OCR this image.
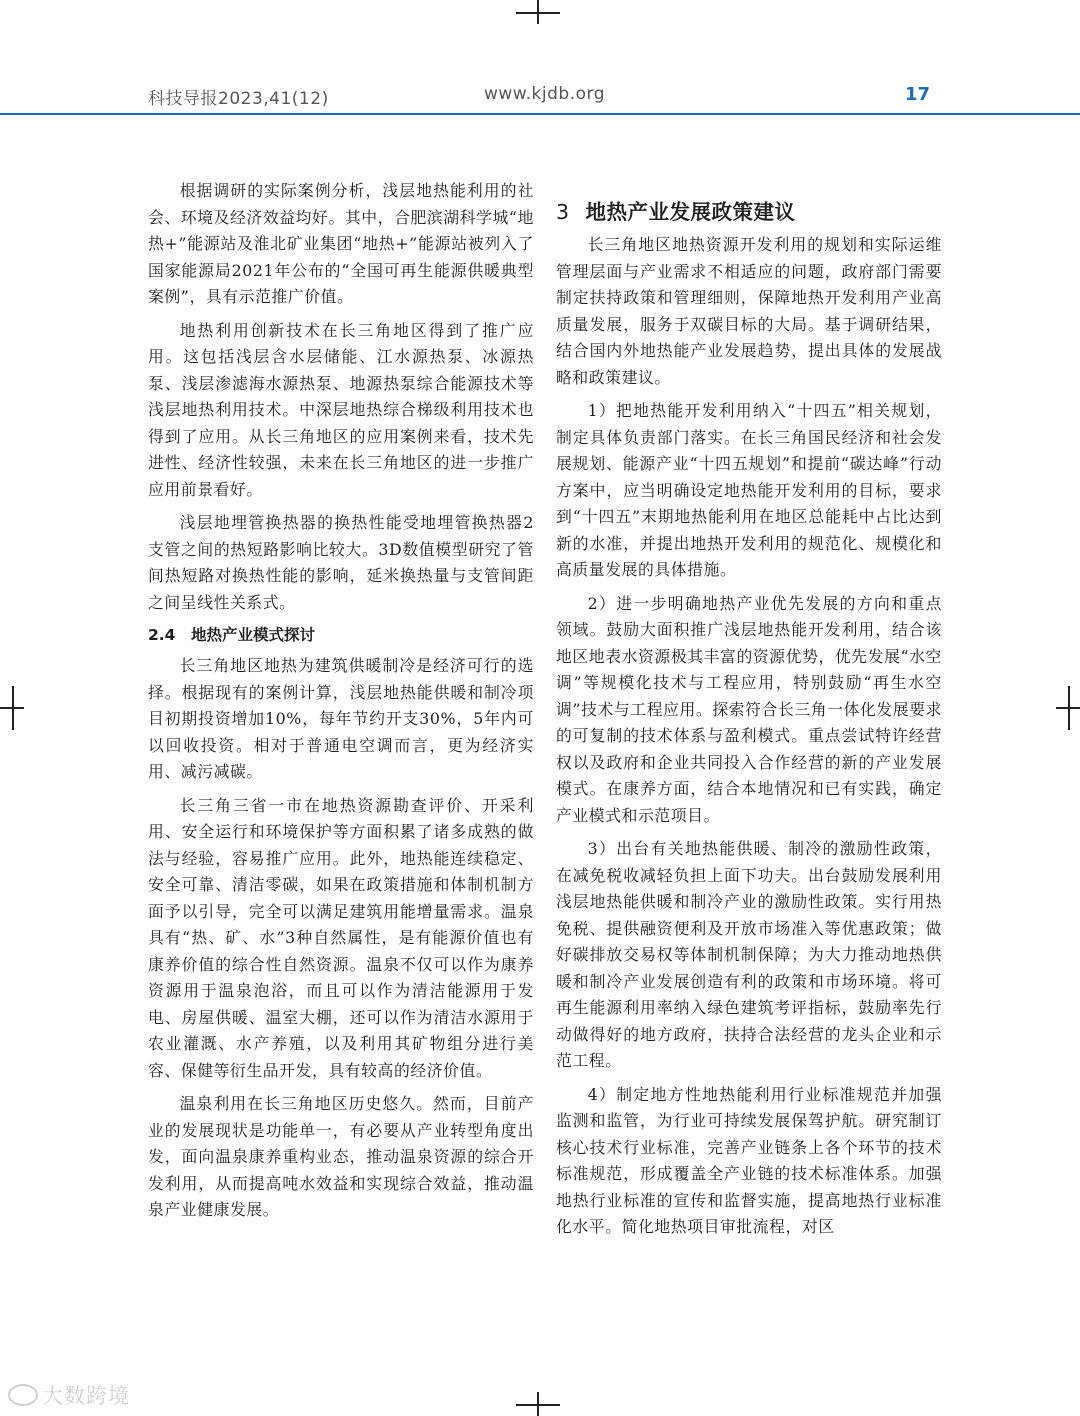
科技导报2023,41(12)	www.kjdb.org	17

根据调研的实际案例分析，浅层地热能利用的社会、环境及经济效益均好。其中，合肥滨湖科学城“地热+”能源站及淮北矿业集团“地热+”能源站被列入了国家能源局2021年公布的“全国可再生能源供暖典型案例”，具有示范推广价值。

地热利用创新技术在长三角地区得到了推广应用。这包括浅层含水层储能、江水源热泵、冰源热泵、浅层渗滤海水源热泵、地源热泵综合能源技术等浅层地热利用技术。中深层地热综合梯级利用技术也得到了应用。从长三角地区的应用案例来看，技术先进性、经济性较强，未来在长三角地区的进一步推广应用前景看好。

浅层地埋管换热器的换热性能受地埋管换热器2支管之间的热短路影响比较大。3D数值模型研究了管间热短路对换热性能的影响，延米换热量与支管间距之间呈线性关系式。

2.4　地热产业模式探讨

长三角地区地热为建筑供暖制冷是经济可行的选择。根据现有的案例计算，浅层地热能供暖和制冷项目初期投资增加10%，每年节约开支30%，5年内可以回收投资。相对于普通电空调而言，更为经济实用、减污减碳。

长三角三省一市在地热资源勘查评价、开采利用、安全运行和环境保护等方面积累了诸多成熟的做法与经验，容易推广应用。此外，地热能连续稳定、安全可靠、清洁零碳，如果在政策措施和体制机制方面予以引导，完全可以满足建筑用能增量需求。温泉具有“热、矿、水”3种自然属性，是有能源价值也有康养价值的综合性自然资源。温泉不仅可以作为康养资源用于温泉泡浴，而且可以作为清洁能源用于发电、房屋供暖、温室大棚，还可以作为清洁水源用于农业灌溉、水产养殖，以及利用其矿物组分进行美容、保健等衍生品开发，具有较高的经济价值。

温泉利用在长三角地区历史悠久。然而，目前产业的发展现状是功能单一，有必要从产业转型角度出发，面向温泉康养重构业态，推动温泉资源的综合开发利用，从而提高吨水效益和实现综合效益，推动温泉产业健康发展。

3 地热产业发展政策建议

长三角地区地热资源开发利用的规划和实际运维管理层面与产业需求不相适应的问题，政府部门需要制定扶持政策和管理细则，保障地热开发利用产业高质量发展，服务于双碳目标的大局。基于调研结果，结合国内外地热能产业发展趋势，提出具体的发展战略和政策建议。

1）把地热能开发利用纳入“十四五”相关规划，制定具体负责部门落实。在长三角国民经济和社会发展规划、能源产业“十四五规划”和提前“碳达峰”行动方案中，应当明确设定地热能开发利用的目标，要求到“十四五”末期地热能利用在地区总能耗中占比达到新的水准，并提出地热开发利用的规范化、规模化和高质量发展的具体措施。

2）进一步明确地热产业优先发展的方向和重点领域。鼓励大面积推广浅层地热能开发利用，结合该地区地表水资源极其丰富的资源优势，优先发展“水空调”等规模化技术与工程应用，特别鼓励“再生水空调”技术与工程应用。探索符合长三角一体化发展要求的可复制的技术体系与盈利模式。重点尝试特许经营权以及政府和企业共同投入合作经营的新的产业发展模式。在康养方面，结合本地情况和已有实践，确定产业模式和示范项目。

3）出台有关地热能供暖、制冷的激励性政策，在减免税收减轻负担上面下功夫。出台鼓励发展利用浅层地热能供暖和制冷产业的激励性政策。实行用热免税、提供融资便利及开放市场准入等优惠政策；做好碳排放交易权等体制机制保障；为大力推动地热供暖和制冷产业发展创造有利的政策和市场环境。将可再生能源利用率纳入绿色建筑考评指标，鼓励率先行动做得好的地方政府，扶持合法经营的龙头企业和示范工程。

4）制定地方性地热能利用行业标准规范并加强监测和监管，为行业可持续发展保驾护航。研究制订核心技术行业标准，完善产业链条上各个环节的技术标准规范，形成覆盖全产业链的技术标准体系。加强地热行业标准的宣传和监督实施，提高地热行业标准化水平。简化地热项目审批流程，对区

大数跨境
